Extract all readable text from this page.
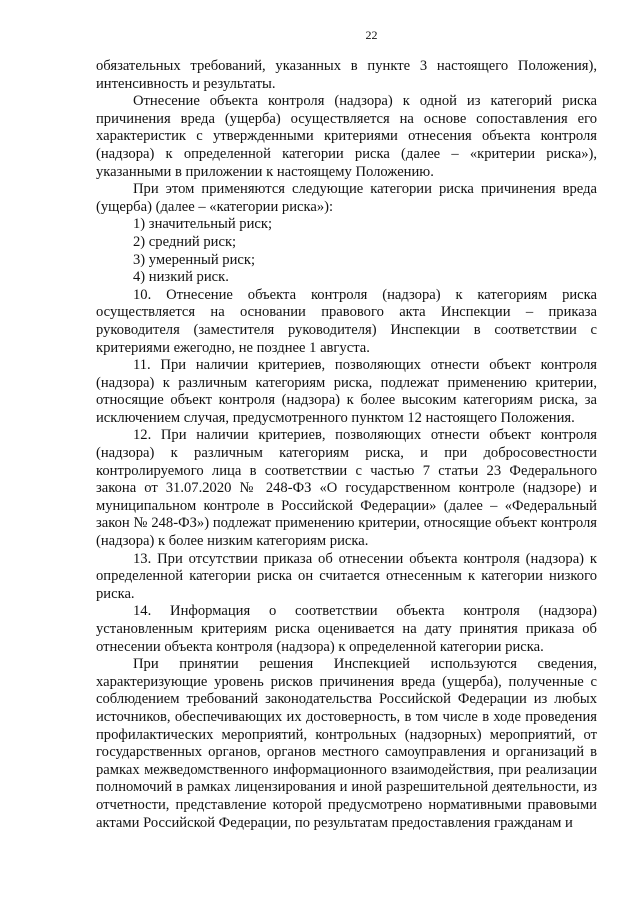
22

обязательных требований, указанных в пункте 3 настоящего Положения), интенсивность и результаты.

Отнесение объекта контроля (надзора) к одной из категорий риска причинения вреда (ущерба) осуществляется на основе сопоставления его характеристик с утвержденными критериями отнесения объекта контроля (надзора) к определенной категории риска (далее – «критерии риска»), указанными в приложении к настоящему Положению.

При этом применяются следующие категории риска причинения вреда (ущерба) (далее – «категории риска»):

1) значительный риск;

2) средний риск;

3) умеренный риск;

4) низкий риск.

10. Отнесение объекта контроля (надзора) к категориям риска осуществляется на основании правового акта Инспекции – приказа руководителя (заместителя руководителя) Инспекции в соответствии с критериями ежегодно, не позднее 1 августа.

11. При наличии критериев, позволяющих отнести объект контроля (надзора) к различным категориям риска, подлежат применению критерии, относящие объект контроля (надзора) к более высоким категориям риска, за исключением случая, предусмотренного пунктом 12 настоящего Положения.

12. При наличии критериев, позволяющих отнести объект контроля (надзора) к различным категориям риска, и при добросовестности контролируемого лица в соответствии с частью 7 статьи 23 Федерального закона от 31.07.2020 № 248-ФЗ «О государственном контроле (надзоре) и муниципальном контроле в Российской Федерации» (далее – «Федеральный закон № 248-ФЗ») подлежат применению критерии, относящие объект контроля (надзора) к более низким категориям риска.

13. При отсутствии приказа об отнесении объекта контроля (надзора) к определенной категории риска он считается отнесенным к категории низкого риска.

14. Информация о соответствии объекта контроля (надзора) установленным критериям риска оценивается на дату принятия приказа об отнесении объекта контроля (надзора) к определенной категории риска.

При принятии решения Инспекцией используются сведения, характеризующие уровень рисков причинения вреда (ущерба), полученные с соблюдением требований законодательства Российской Федерации из любых источников, обеспечивающих их достоверность, в том числе в ходе проведения профилактических мероприятий, контрольных (надзорных) мероприятий, от государственных органов, органов местного самоуправления и организаций в рамках межведомственного информационного взаимодействия, при реализации полномочий в рамках лицензирования и иной разрешительной деятельности, из отчетности, представление которой предусмотрено нормативными правовыми актами Российской Федерации, по результатам предоставления гражданам и
